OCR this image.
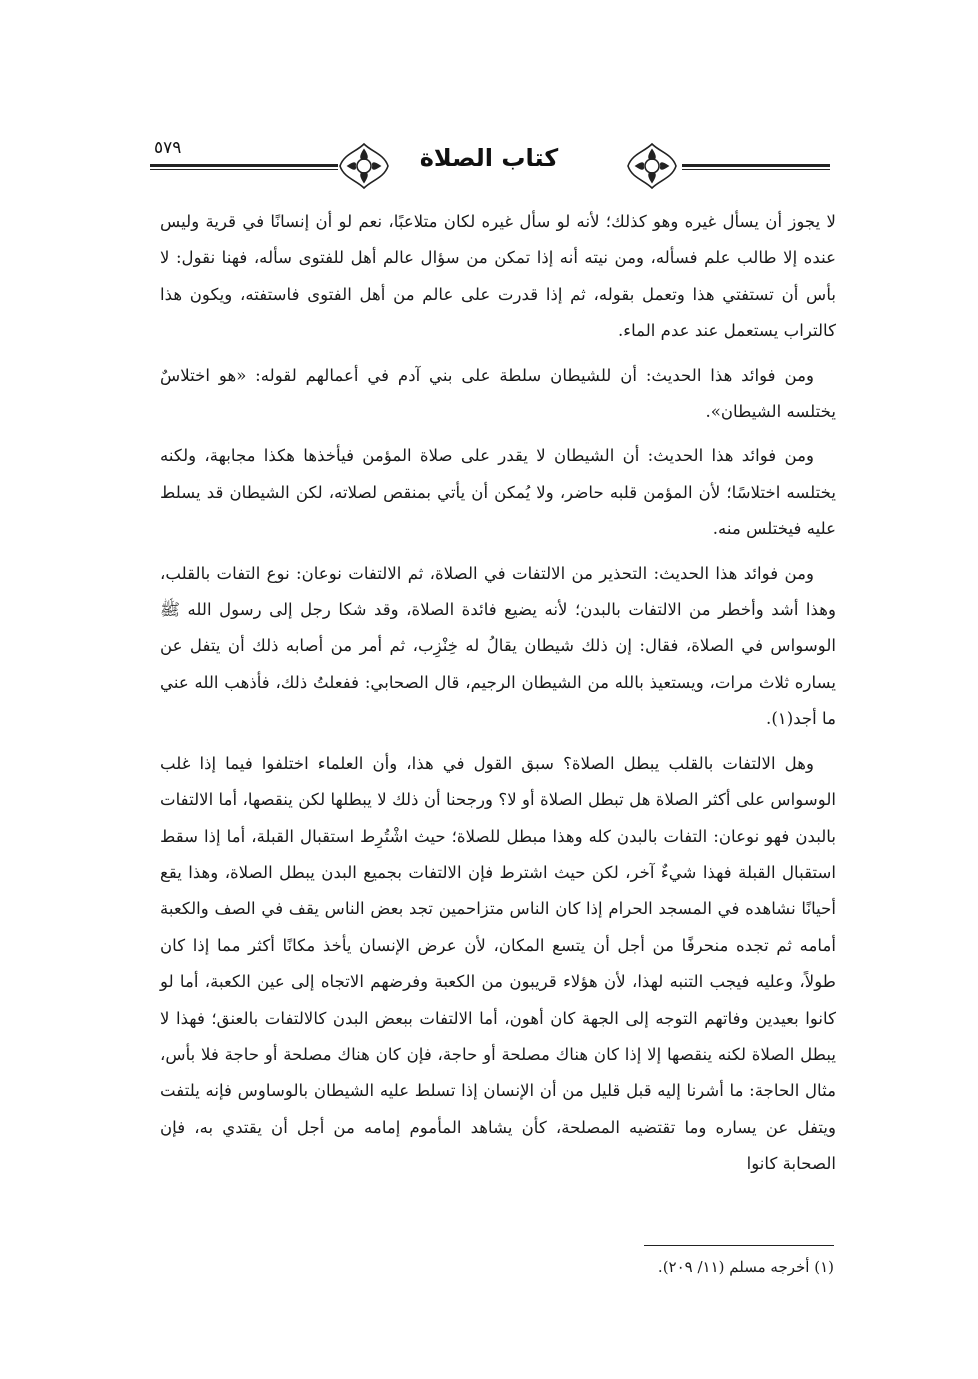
كتاب الصلاة
٥٧٩

لا يجوز أن يسأل غيره وهو كذلك؛ لأنه لو سأل غيره لكان متلاعبًا، نعم لو أن إنسانًا في قرية وليس عنده إلا طالب علم فسأله، ومن نيته أنه إذا تمكن من سؤال عالم أهل للفتوى سأله، فهنا نقول: لا بأس أن تستفتي هذا وتعمل بقوله، ثم إذا قدرت على عالم من أهل الفتوى فاستفته، ويكون هذا كالتراب يستعمل عند عدم الماء.

ومن فوائد هذا الحديث: أن للشيطان سلطة على بني آدم في أعمالهم لقوله: «هو اختلاسٌ يختلسه الشيطان».

ومن فوائد هذا الحديث: أن الشيطان لا يقدر على صلاة المؤمن فيأخذها هكذا مجابهة، ولكنه يختلسه اختلاسًا؛ لأن المؤمن قلبه حاضر، ولا يُمكن أن يأتي بمنقص لصلاته، لكن الشيطان قد يسلط عليه فيختلس منه.

ومن فوائد هذا الحديث: التحذير من الالتفات في الصلاة، ثم الالتفات نوعان: نوع التفات بالقلب، وهذا أشد وأخطر من الالتفات بالبدن؛ لأنه يضيع فائدة الصلاة، وقد شكا رجل إلى رسول الله ﷺ الوسواس في الصلاة، فقال: إن ذلك شيطان يقالُ له خِنْزِب، ثم أمر من أصابه ذلك أن يتفل عن يساره ثلاث مرات، ويستعيذ بالله من الشيطان الرجيم، قال الصحابي: ففعلتُ ذلك، فأذهب الله عني ما أجد(١).

وهل الالتفات بالقلب يبطل الصلاة؟ سبق القول في هذا، وأن العلماء اختلفوا فيما إذا غلب الوسواس على أكثر الصلاة هل تبطل الصلاة أو لا؟ ورجحنا أن ذلك لا يبطلها لكن ينقصها، أما الالتفات بالبدن فهو نوعان: التفات بالبدن كله وهذا مبطل للصلاة؛ حيث اشْتُرِط استقبال القبلة، أما إذا سقط استقبال القبلة فهذا شيءٌ آخر، لكن حيث اشترط فإن الالتفات بجميع البدن يبطل الصلاة، وهذا يقع أحيانًا نشاهده في المسجد الحرام إذا كان الناس متزاحمين تجد بعض الناس يقف في الصف والكعبة أمامه ثم تجده منحرفًا من أجل أن يتسع المكان، لأن عرض الإنسان يأخذ مكانًا أكثر مما إذا كان طولاً، وعليه فيجب التنبه لهذا، لأن هؤلاء قريبون من الكعبة وفرضهم الاتجاه إلى عين الكعبة، أما لو كانوا بعيدين وفاتهم التوجه إلى الجهة كان أهون، أما الالتفات ببعض البدن كالالتفات بالعنق؛ فهذا لا يبطل الصلاة لكنه ينقصها إلا إذا كان هناك مصلحة أو حاجة، فإن كان هناك مصلحة أو حاجة فلا بأس، مثال الحاجة: ما أشرنا إليه قبل قليل من أن الإنسان إذا تسلط عليه الشيطان بالوساوس فإنه يلتفت ويتفل عن يساره وما تقتضيه المصلحة، كأن يشاهد المأموم إمامه من أجل أن يقتدي به، فإن الصحابة كانوا

(١) أخرجه مسلم (١١/ ٢٠٩).
